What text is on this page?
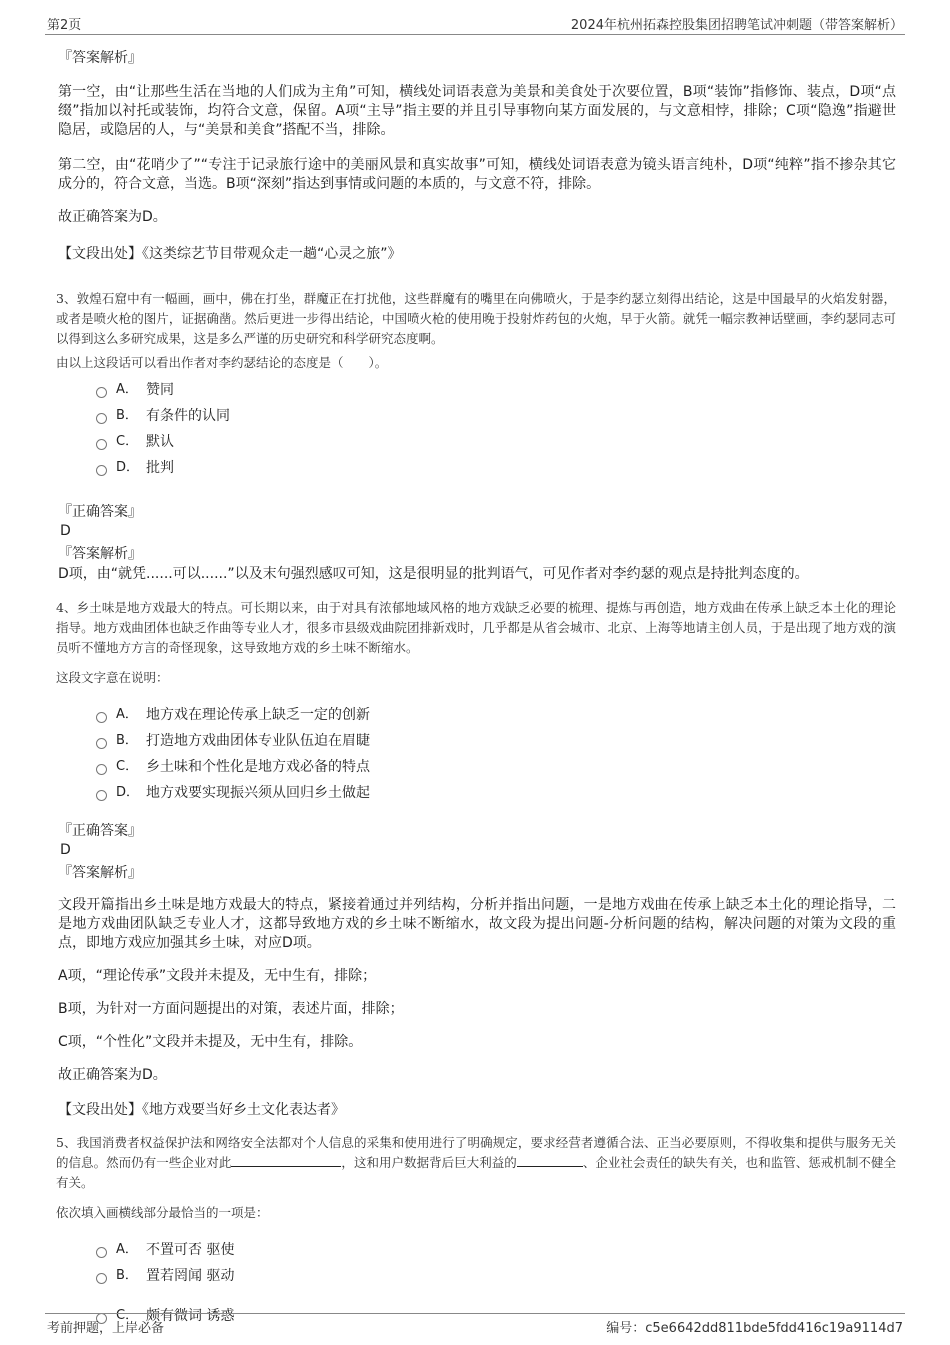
第2页	2024年杭州拓森控股集团招聘笔试冲刺题（带答案解析）
『答案解析』

第一空，由“让那些生活在当地的人们成为主角”可知，横线处词语表意为美景和美食处于次要位置，B项“装饰”指修饰、装点，D项“点缀”指加以衬托或装饰，均符合文意，保留。A项“主导”指主要的并且引导事物向某方面发展的，与文意相悖，排除；C项“隐逸”指避世隐居，或隐居的人，与“美景和美食”搭配不当，排除。

第二空，由“花哨少了”“专注于记录旅行途中的美丽风景和真实故事”可知，横线处词语表意为镜头语言纯朴，D项“纯粹”指不掺杂其它成分的，符合文意，当选。B项“深刻”指达到事情或问题的本质的，与文意不符，排除。

故正确答案为D。

【文段出处】《这类综艺节目带观众走一趟“心灵之旅”》

3、敦煌石窟中有一幅画，画中，佛在打坐，群魔正在打扰他，这些群魔有的嘴里在向佛喷火，于是李约瑟立刻得出结论，这是中国最早的火焰发射器，或者是喷火枪的图片，证据确凿。然后更进一步得出结论，中国喷火枪的使用晚于投射炸药包的火炮，早于火箭。就凭一幅宗教神话壁画，李约瑟同志可以得到这么多研究成果，这是多么严谨的历史研究和科学研究态度啊。

由以上这段话可以看出作者对李约瑟结论的态度是（　　）。

A． 赞同
B． 有条件的认同
C． 默认
D． 批判
『正确答案』
D
『答案解析』

D项，由“就凭......可以......”以及末句强烈感叹可知，这是很明显的批判语气，可见作者对李约瑟的观点是持批判态度的。

4、乡土味是地方戏最大的特点。可长期以来，由于对具有浓郁地域风格的地方戏缺乏必要的梳理、提炼与再创造，地方戏曲在传承上缺乏本土化的理论指导。地方戏曲团体也缺乏作曲等专业人才，很多市县级戏曲院团排新戏时，几乎都是从省会城市、北京、上海等地请主创人员，于是出现了地方戏的演员听不懂地方方言的奇怪现象，这导致地方戏的乡土味不断缩水。

这段文字意在说明：

A． 地方戏在理论传承上缺乏一定的创新
B． 打造地方戏曲团体专业队伍迫在眉睫
C． 乡土味和个性化是地方戏必备的特点
D． 地方戏要实现振兴须从回归乡土做起
『正确答案』
D
『答案解析』

文段开篇指出乡土味是地方戏最大的特点，紧接着通过并列结构，分析并指出问题，一是地方戏曲在传承上缺乏本土化的理论指导，二是地方戏曲团队缺乏专业人才，这都导致地方戏的乡土味不断缩水，故文段为提出问题-分析问题的结构，解决问题的对策为文段的重点，即地方戏应加强其乡土味，对应D项。

A项，“理论传承”文段并未提及，无中生有，排除；

B项，为针对一方面问题提出的对策，表述片面，排除；

C项，“个性化”文段并未提及，无中生有，排除。

故正确答案为D。

【文段出处】《地方戏要当好乡土文化表达者》

5、我国消费者权益保护法和网络安全法都对个人信息的采集和使用进行了明确规定，要求经营者遵循合法、正当必要原则，不得收集和提供与服务无关的信息。然而仍有一些企业对此	，这和用户数据背后巨大利益的	、企业社会责任的缺失有关，也和监管、惩戒机制不健全有关。

依次填入画横线部分最恰当的一项是：

A． 不置可否 驱使
B． 置若罔闻 驱动
C． 颇有微词 诱惑
考前押题，上岸必备	编号：c5e6642dd811bde5fdd416c19a9114d7
